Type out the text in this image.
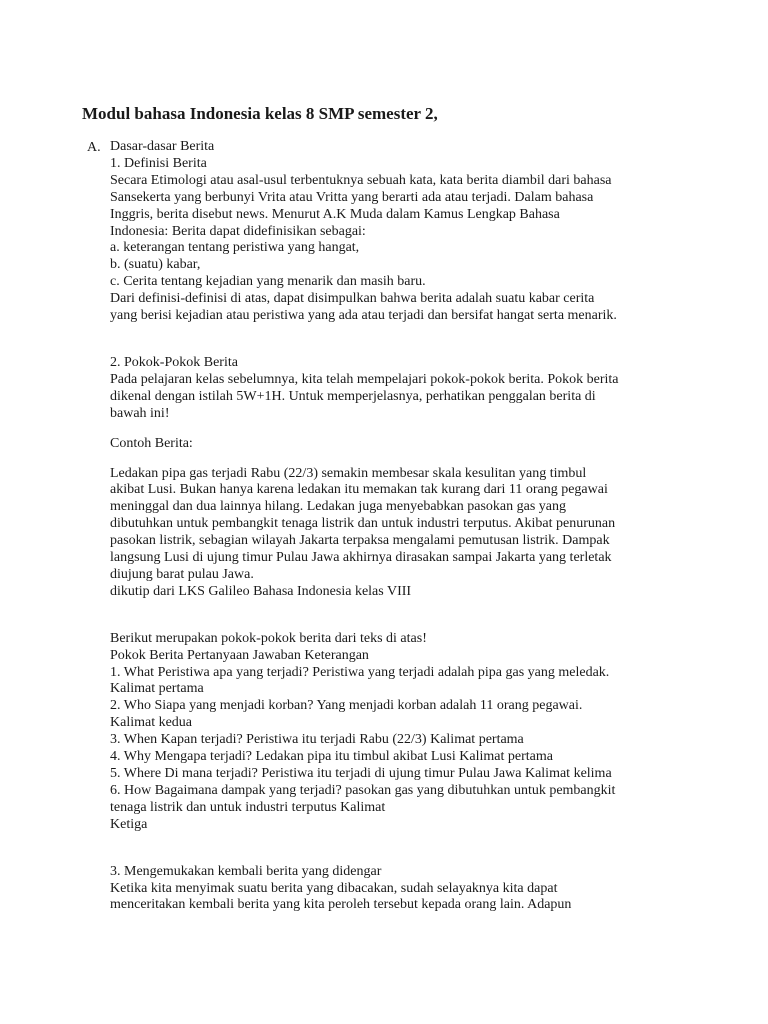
Modul bahasa Indonesia kelas 8 SMP semester 2,
A. Dasar-dasar Berita
1. Definisi Berita
Secara Etimologi atau asal-usul terbentuknya sebuah kata, kata berita diambil dari bahasa
Sansekerta yang berbunyi Vrita atau Vritta yang berarti ada atau terjadi. Dalam bahasa
Inggris, berita disebut news. Menurut A.K Muda dalam Kamus Lengkap Bahasa
Indonesia: Berita dapat didefinisikan sebagai:
a. keterangan tentang peristiwa yang hangat,
b. (suatu) kabar,
c. Cerita tentang kejadian yang menarik dan masih baru.
Dari definisi-definisi di atas, dapat disimpulkan bahwa berita adalah suatu kabar cerita
yang berisi kejadian atau peristiwa yang ada atau terjadi dan bersifat hangat serta menarik.
2. Pokok-Pokok Berita
Pada pelajaran kelas sebelumnya, kita telah mempelajari pokok-pokok berita. Pokok berita
dikenal dengan istilah 5W+1H. Untuk memperjelasnya, perhatikan penggalan berita di
bawah ini!
Contoh Berita:
Ledakan pipa gas terjadi Rabu (22/3) semakin membesar skala kesulitan yang timbul
akibat Lusi. Bukan hanya karena ledakan itu memakan tak kurang dari 11 orang pegawai
meninggal dan dua lainnya hilang. Ledakan juga menyebabkan pasokan gas yang
dibutuhkan untuk pembangkit tenaga listrik dan untuk industri terputus. Akibat penurunan
pasokan listrik, sebagian wilayah Jakarta terpaksa mengalami pemutusan listrik. Dampak
langsung Lusi di ujung timur Pulau Jawa akhirnya dirasakan sampai Jakarta yang terletak
diujung barat pulau Jawa.
dikutip dari LKS Galileo Bahasa Indonesia kelas VIII
Berikut merupakan pokok-pokok berita dari teks di atas!
Pokok Berita Pertanyaan Jawaban Keterangan
1. What Peristiwa apa yang terjadi? Peristiwa yang terjadi adalah pipa gas yang meledak.
Kalimat pertama
2. Who Siapa yang menjadi korban? Yang menjadi korban adalah 11 orang pegawai.
Kalimat kedua
3. When Kapan terjadi? Peristiwa itu terjadi Rabu (22/3) Kalimat pertama
4. Why Mengapa terjadi? Ledakan pipa itu timbul akibat Lusi Kalimat pertama
5. Where Di mana terjadi? Peristiwa itu terjadi di ujung timur Pulau Jawa Kalimat kelima
6. How Bagaimana dampak yang terjadi? pasokan gas yang dibutuhkan untuk pembangkit
tenaga listrik dan untuk industri terputus Kalimat
Ketiga
3. Mengemukakan kembali berita yang didengar
Ketika kita menyimak suatu berita yang dibacakan, sudah selayaknya kita dapat
menceritakan kembali berita yang kita peroleh tersebut kepada orang lain. Adapun
